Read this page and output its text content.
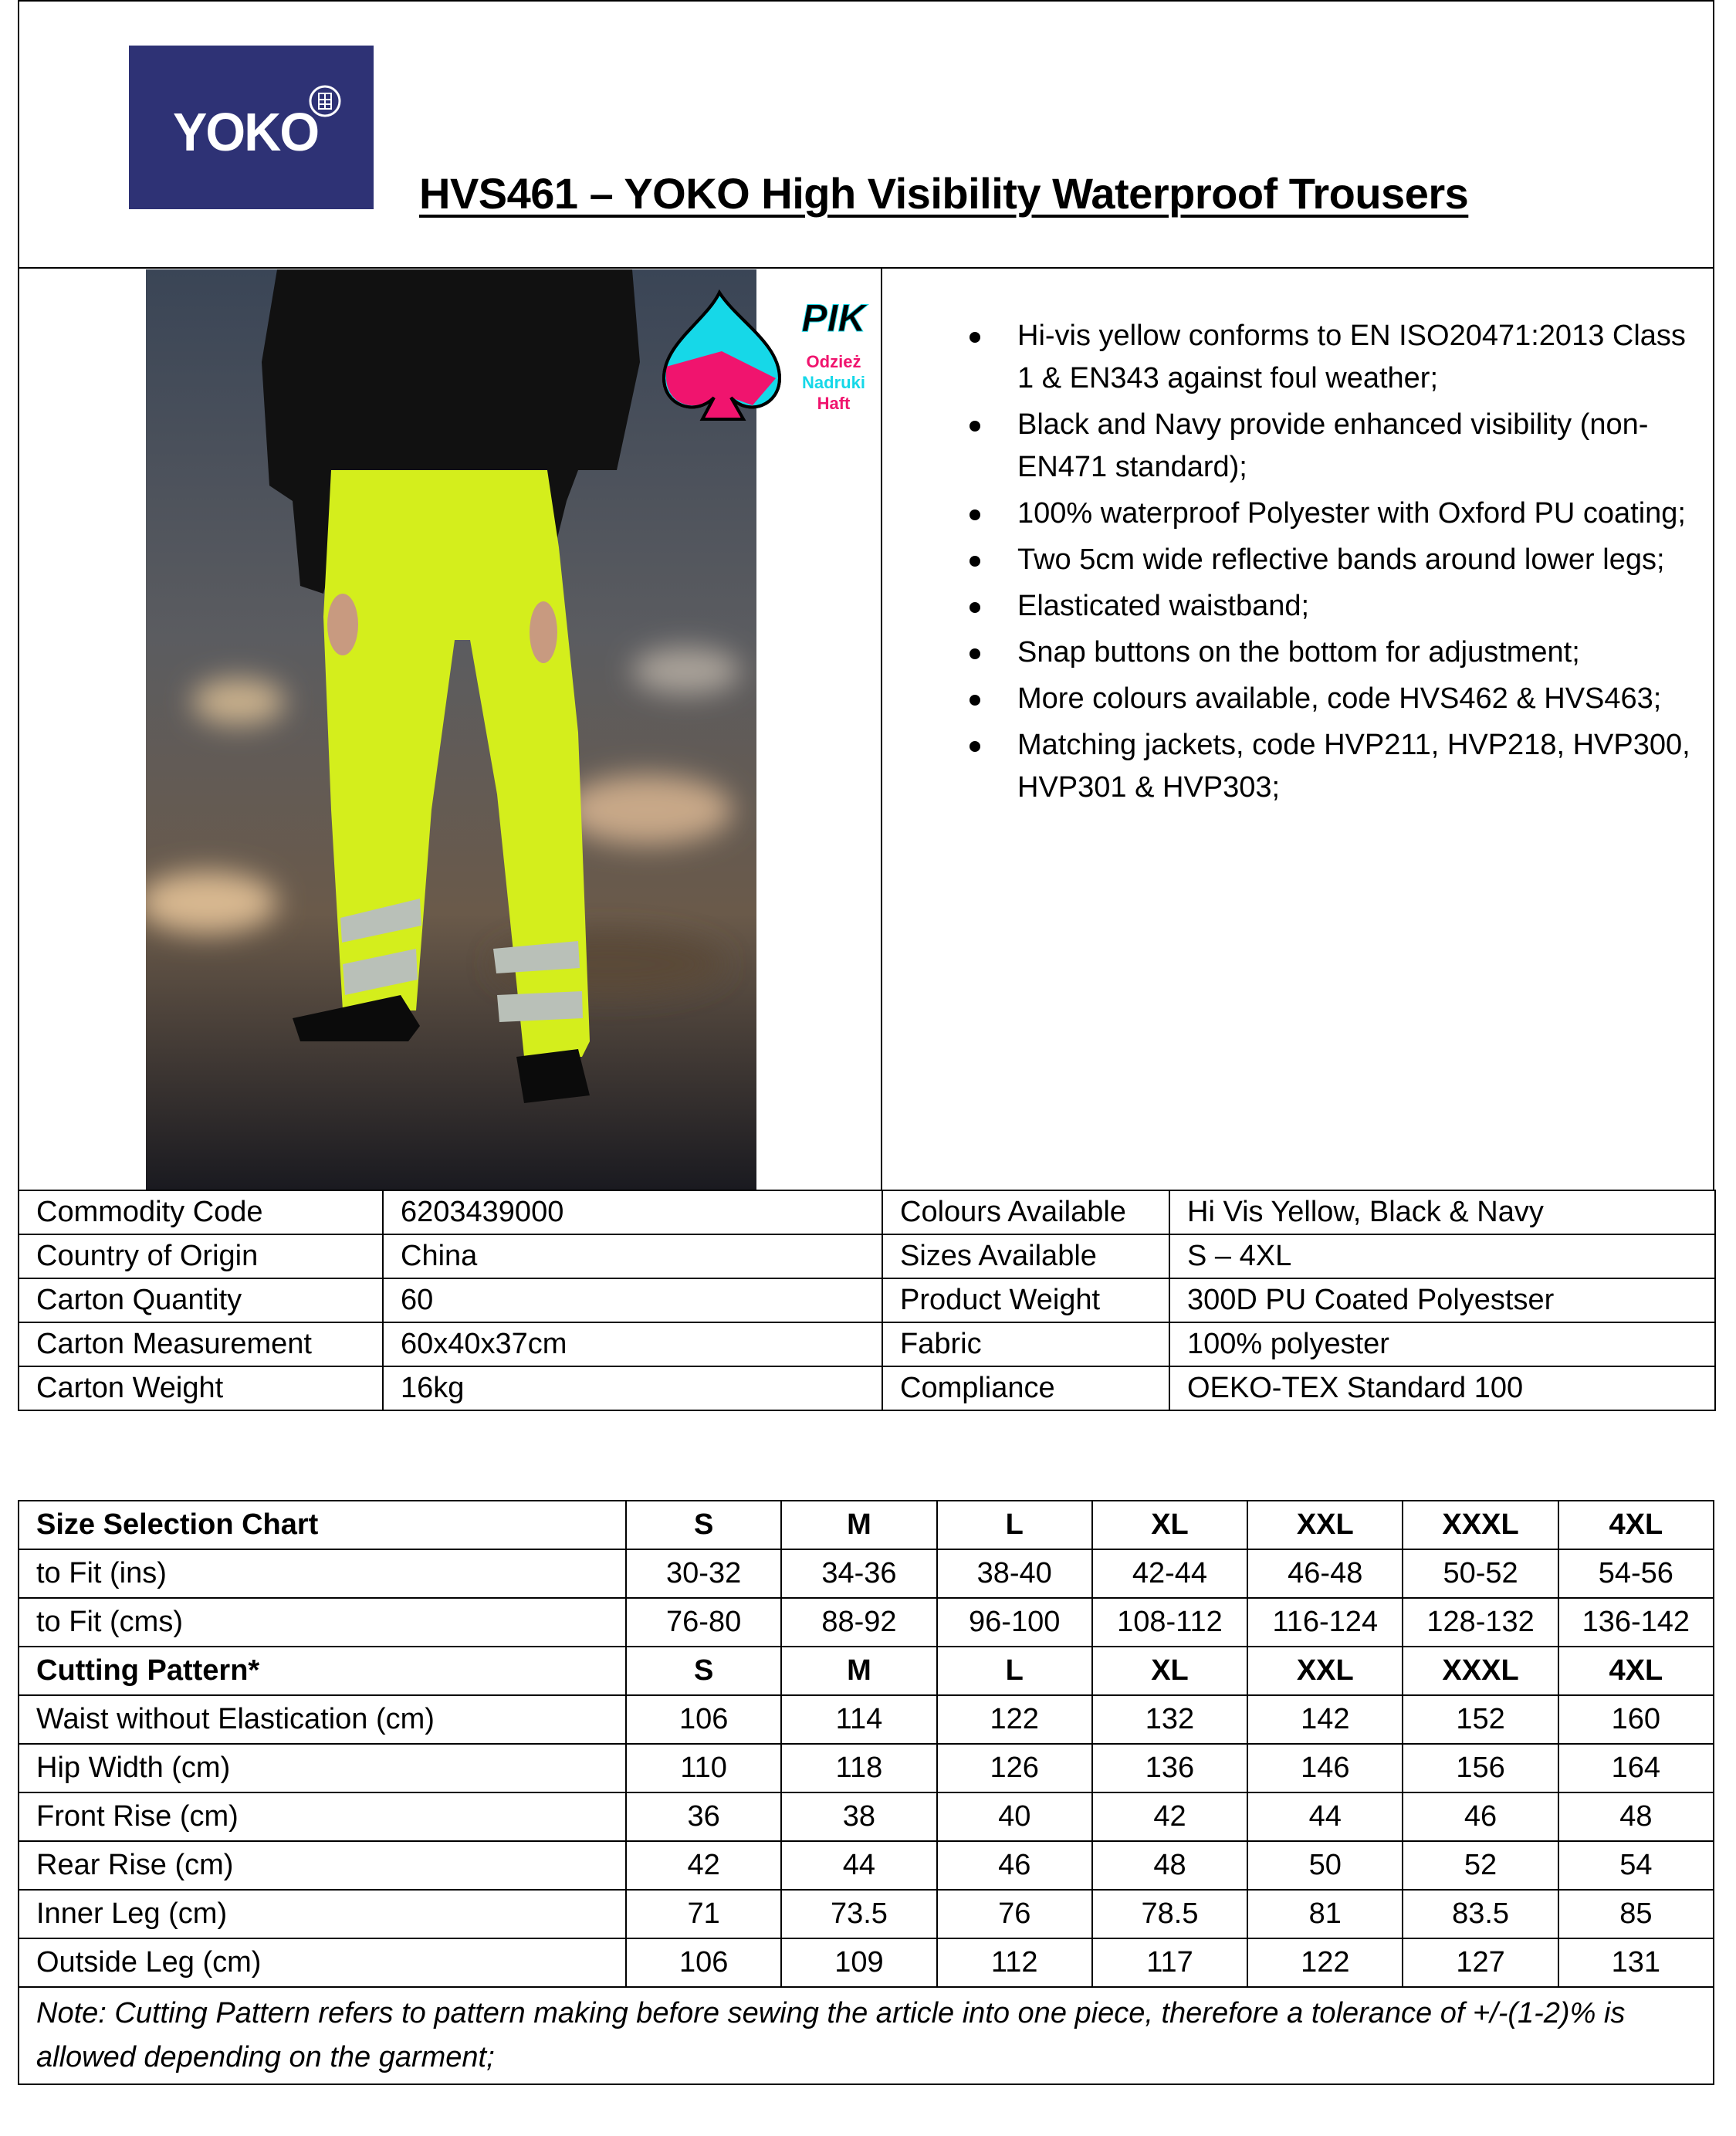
YOKO
HVS461 – YOKO High Visibility Waterproof Trousers
PIK
Odzież
Nadruki
Haft
Hi-vis yellow conforms to EN ISO20471:2013 Class 1 & EN343 against foul weather;
Black and Navy provide enhanced visibility (non-EN471 standard);
100% waterproof Polyester with Oxford PU coating;
Two 5cm wide reflective bands around lower legs;
Elasticated waistband;
Snap buttons on the bottom for adjustment;
More colours available, code HVS462 & HVS463;
Matching jackets, code HVP211, HVP218, HVP300, HVP301 & HVP303;
Commodity Code	6203439000	Colours Available	Hi Vis Yellow, Black & Navy
Country of Origin	China	Sizes Available	S – 4XL
Carton Quantity	60	Product Weight	300D PU Coated Polyestser
Carton Measurement	60x40x37cm	Fabric	100% polyester
Carton Weight	16kg	Compliance	OEKO-TEX Standard 100
Size Selection Chart	S	M	L	XL	XXL	XXXL	4XL
to Fit (ins)	30-32	34-36	38-40	42-44	46-48	50-52	54-56
to Fit (cms)	76-80	88-92	96-100	108-112	116-124	128-132	136-142
Cutting Pattern*	S	M	L	XL	XXL	XXXL	4XL
Waist without Elastication (cm)	106	114	122	132	142	152	160
Hip Width (cm)	110	118	126	136	146	156	164
Front Rise (cm)	36	38	40	42	44	46	48
Rear Rise (cm)	42	44	46	48	50	52	54
Inner Leg (cm)	71	73.5	76	78.5	81	83.5	85
Outside Leg (cm)	106	109	112	117	122	127	131
Note: Cutting Pattern refers to pattern making before sewing the article into one piece, therefore a tolerance of +/-(1-2)% is allowed depending on the garment;							
